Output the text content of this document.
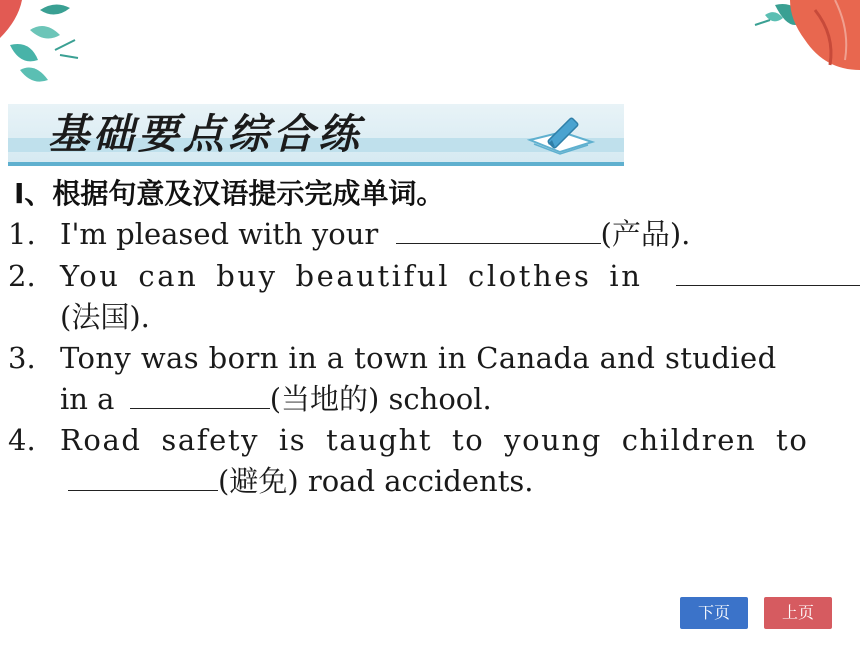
基础要点综合练
Ⅰ、根据句意及汉语提示完成单词。
1. I'm pleased with your	(产品).
2. You can buy beautiful clothes in
(法国).
3. Tony was born in a town in Canada and studied
in a	(当地的) school.
4. Road safety is taught to young children to
(避免) road accidents.
下页	上页
